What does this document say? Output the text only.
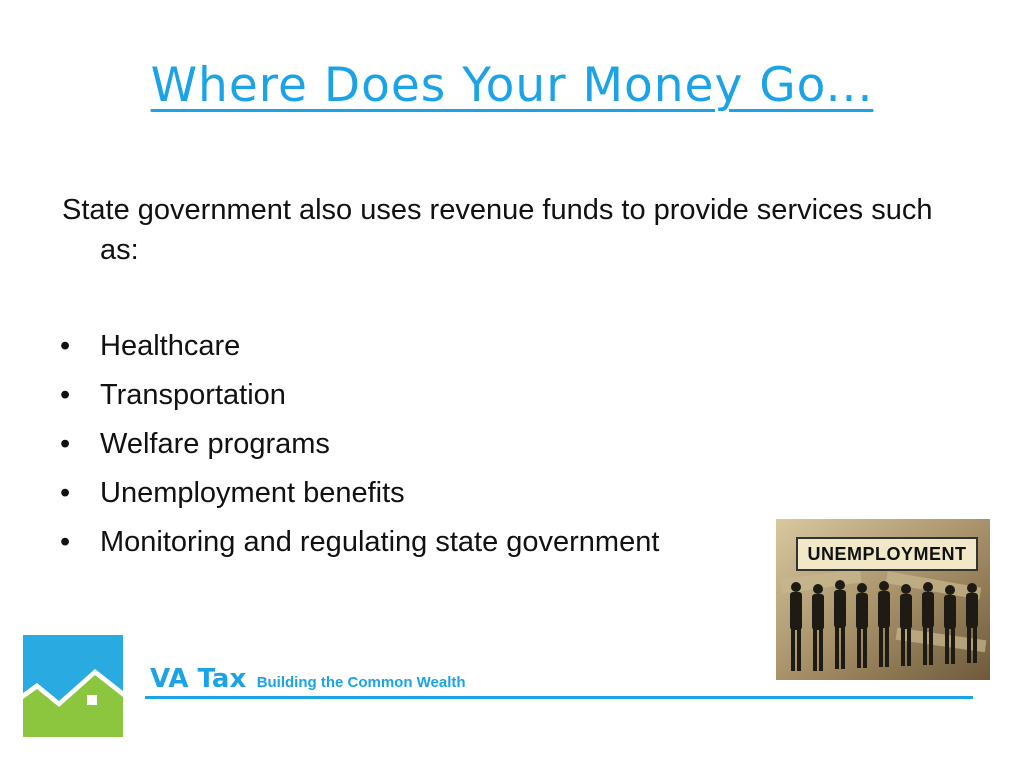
Where Does Your Money Go...
State government also uses revenue funds to provide services such as:
• Healthcare
• Transportation
• Welfare programs
• Unemployment benefits
• Monitoring and regulating state government	UNEMPLOYMENT
VA Tax Building the Common Wealth
